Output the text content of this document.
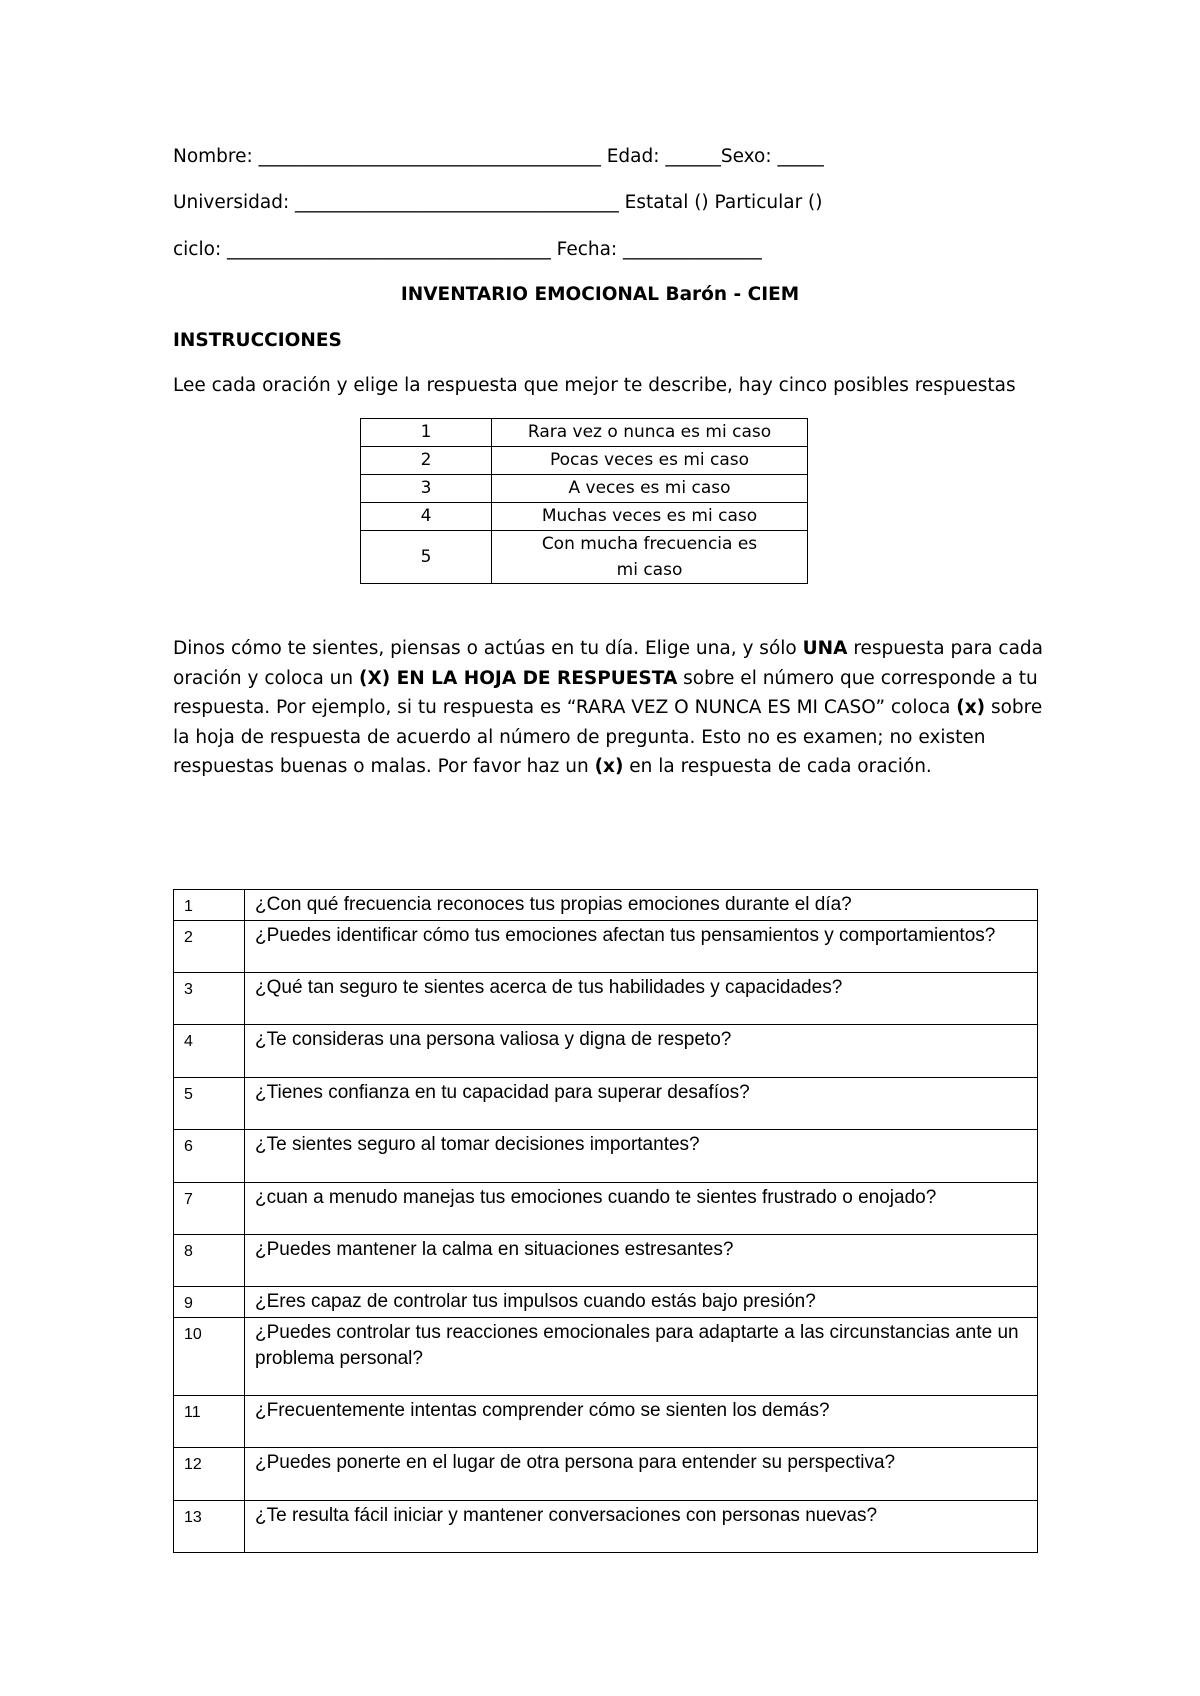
Nombre: _____________________________________ Edad: ______Sexo: _____
Universidad: ___________________________________ Estatal () Particular ()
ciclo: ___________________________________ Fecha: _______________
INVENTARIO EMOCIONAL Barón - CIEM
INSTRUCCIONES
Lee cada oración y elige la respuesta que mejor te describe, hay cinco posibles respuestas
1	Rara vez o nunca es mi caso
2	Pocas veces es mi caso
3	A veces es mi caso
4	Muchas veces es mi caso
5	Con mucha frecuencia es mi caso
Dinos cómo te sientes, piensas o actúas en tu día. Elige una, y sólo UNA respuesta para cada oración y coloca un (X) EN LA HOJA DE RESPUESTA sobre el número que corresponde a tu respuesta. Por ejemplo, si tu respuesta es “RARA VEZ O NUNCA ES MI CASO” coloca (x) sobre la hoja de respuesta de acuerdo al número de pregunta. Esto no es examen; no existen respuestas buenas o malas. Por favor haz un (x) en la respuesta de cada oración.
1	¿Con qué frecuencia reconoces tus propias emociones durante el día?
2	¿Puedes identificar cómo tus emociones afectan tus pensamientos y comportamientos?
3	¿Qué tan seguro te sientes acerca de tus habilidades y capacidades?
4	¿Te consideras una persona valiosa y digna de respeto?
5	¿Tienes confianza en tu capacidad para superar desafíos?
6	¿Te sientes seguro al tomar decisiones importantes?
7	¿cuan a menudo manejas tus emociones cuando te sientes frustrado o enojado?
8	¿Puedes mantener la calma en situaciones estresantes?
9	¿Eres capaz de controlar tus impulsos cuando estás bajo presión?
10	¿Puedes controlar tus reacciones emocionales para adaptarte a las circunstancias ante un problema personal?
11	¿Frecuentemente intentas comprender cómo se sienten los demás?
12	¿Puedes ponerte en el lugar de otra persona para entender su perspectiva?
13	¿Te resulta fácil iniciar y mantener conversaciones con personas nuevas?
